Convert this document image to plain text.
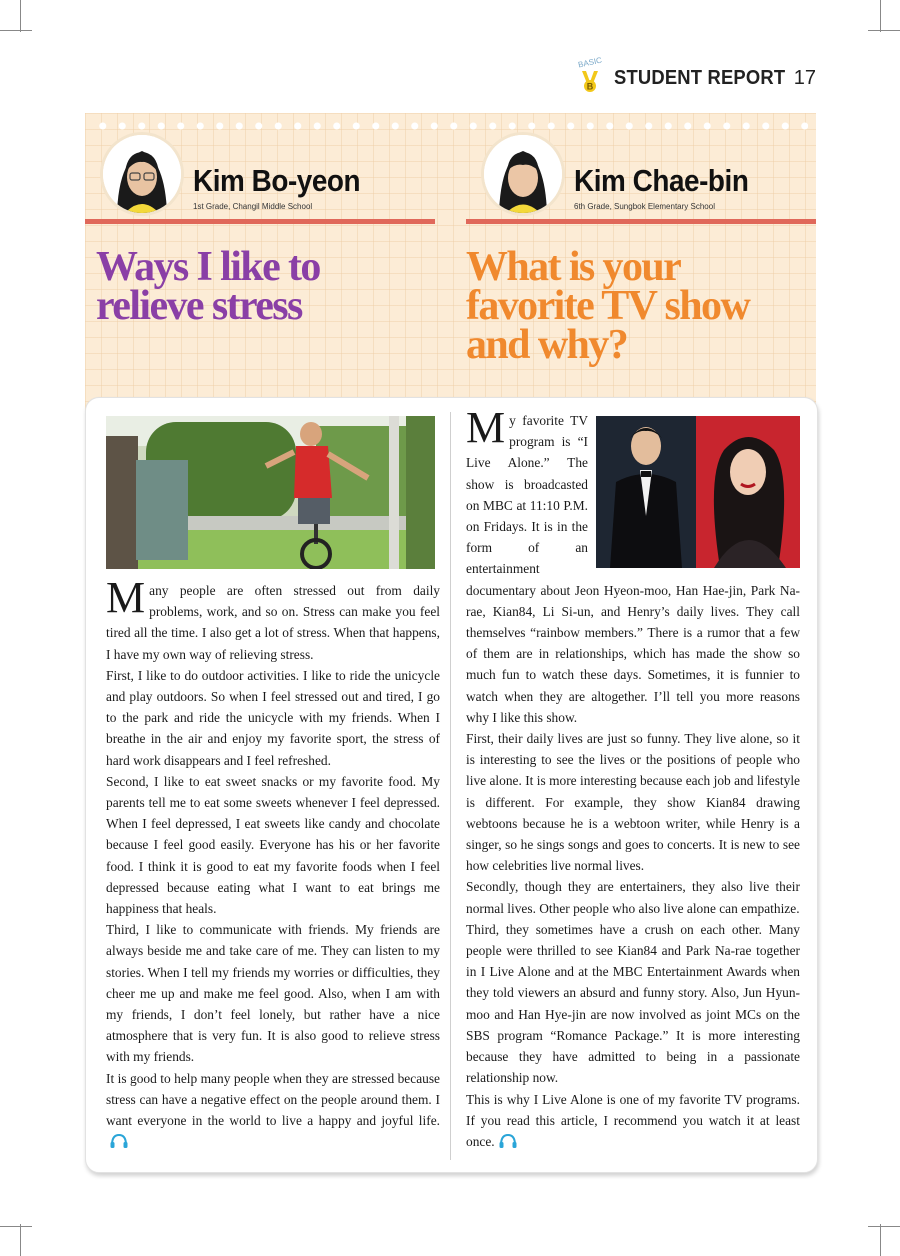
BASIC
B STUDENT REPORT 17
Kim Bo-yeon
1st Grade, Changil Middle School
Kim Chae-bin
6th Grade, Sungbok Elementary School
Ways I like to
relieve stress
What is your
favorite TV show
and why?

Many people are often stressed out from daily problems, work, and so on. Stress can make you feel tired all the time. I also get a lot of stress. When that happens, I have my own way of relieving stress.

First, I like to do outdoor activities. I like to ride the unicycle and play outdoors. So when I feel stressed out and tired, I go to the park and ride the unicycle with my friends. When I breathe in the air and enjoy my favorite sport, the stress of hard work disappears and I feel refreshed.

Second, I like to eat sweet snacks or my favorite food. My parents tell me to eat some sweets whenever I feel depressed. When I feel depressed, I eat sweets like candy and chocolate because I feel good easily. Everyone has his or her favorite food. I think it is good to eat my favorite foods when I feel depressed because eating what I want to eat brings me happiness that heals.

Third, I like to communicate with friends. My friends are always beside me and take care of me. They can listen to my stories. When I tell my friends my worries or difficulties, they cheer me up and make me feel good. Also, when I am with my friends, I don’t feel lonely, but rather have a nice atmosphere that is very fun. It is also good to relieve stress with my friends.

It is good to help many people when they are stressed because stress can have a negative effect on the people around them. I want everyone in the world to live a happy and joyful life.

My favorite TV program is “I Live Alone.” The show is broadcasted on MBC at 11:10 P.M. on Fridays. It is in the form of an entertainment documentary about Jeon Hyeon-moo, Han Hae-jin, Park Na-rae, Kian84, Li Si-un, and Henry’s daily lives. They call themselves “rainbow members.” There is a rumor that a few of them are in relationships, which has made the show so much fun to watch these days. Sometimes, it is funnier to watch when they are altogether. I’ll tell you more reasons why I like this show.

First, their daily lives are just so funny. They live alone, so it is interesting to see the lives or the positions of people who live alone. It is more interesting because each job and lifestyle is different. For example, they show Kian84 drawing webtoons because he is a webtoon writer, while Henry is a singer, so he sings songs and goes to concerts. It is new to see how celebrities live normal lives.

Secondly, though they are entertainers, they also live their normal lives. Other people who also live alone can empathize.

Third, they sometimes have a crush on each other. Many people were thrilled to see Kian84 and Park Na-rae together in I Live Alone and at the MBC Entertainment Awards when they told viewers an absurd and funny story. Also, Jun Hyun-moo and Han Hye-jin are now involved as joint MCs on the SBS program “Romance Package.” It is more interesting because they have admitted to being in a passionate relationship now.

This is why I Live Alone is one of my favorite TV programs. If you read this article, I recommend you watch it at least once.
